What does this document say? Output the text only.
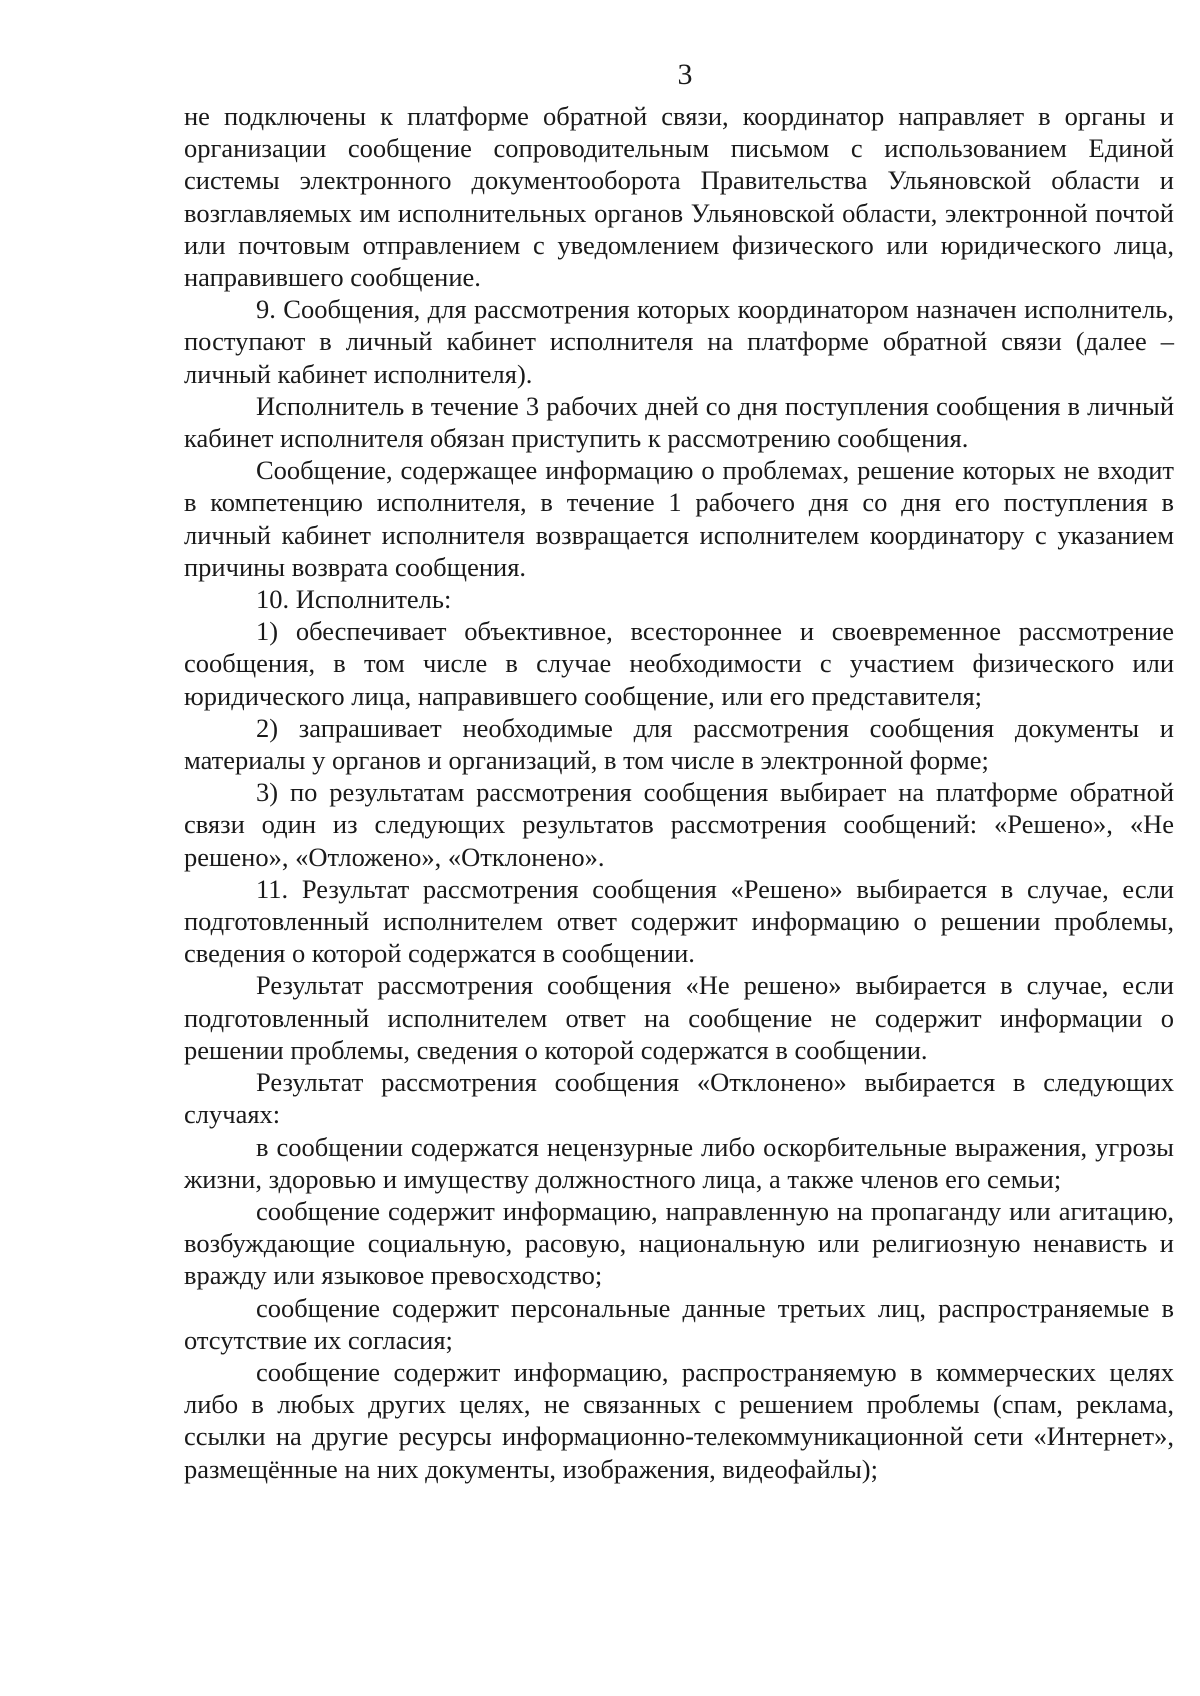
3

не подключены к платформе обратной связи, координатор направляет в органы и организации сообщение сопроводительным письмом с использованием Единой системы электронного документооборота Правительства Ульяновской области и возглавляемых им исполнительных органов Ульяновской области, электронной почтой или почтовым отправлением с уведомлением физического или юридического лица, направившего сообщение.

9. Сообщения, для рассмотрения которых координатором назначен исполнитель, поступают в личный кабинет исполнителя на платформе обратной связи (далее – личный кабинет исполнителя).

Исполнитель в течение 3 рабочих дней со дня поступления сообщения в личный кабинет исполнителя обязан приступить к рассмотрению сообщения.

Сообщение, содержащее информацию о проблемах, решение которых не входит в компетенцию исполнителя, в течение 1 рабочего дня со дня его поступления в личный кабинет исполнителя возвращается исполнителем координатору с указанием причины возврата сообщения.

10. Исполнитель:

1) обеспечивает объективное, всестороннее и своевременное рассмотрение сообщения, в том числе в случае необходимости с участием физического или юридического лица, направившего сообщение, или его представителя;

2) запрашивает необходимые для рассмотрения сообщения документы и материалы у органов и организаций, в том числе в электронной форме;

3) по результатам рассмотрения сообщения выбирает на платформе обратной связи один из следующих результатов рассмотрения сообщений: «Решено», «Не решено», «Отложено», «Отклонено».

11. Результат рассмотрения сообщения «Решено» выбирается в случае, если подготовленный исполнителем ответ содержит информацию о решении проблемы, сведения о которой содержатся в сообщении.

Результат рассмотрения сообщения «Не решено» выбирается в случае, если подготовленный исполнителем ответ на сообщение не содержит информации о решении проблемы, сведения о которой содержатся в сообщении.

Результат рассмотрения сообщения «Отклонено» выбирается в следующих случаях:

в сообщении содержатся нецензурные либо оскорбительные выражения, угрозы жизни, здоровью и имуществу должностного лица, а также членов его семьи;

сообщение содержит информацию, направленную на пропаганду или агитацию, возбуждающие социальную, расовую, национальную или религиозную ненависть и вражду или языковое превосходство;

сообщение содержит персональные данные третьих лиц, распространяемые в отсутствие их согласия;

сообщение содержит информацию, распространяемую в коммерческих целях либо в любых других целях, не связанных с решением проблемы (спам, реклама, ссылки на другие ресурсы информационно-телекоммуникационной сети «Интернет», размещённые на них документы, изображения, видеофайлы);
